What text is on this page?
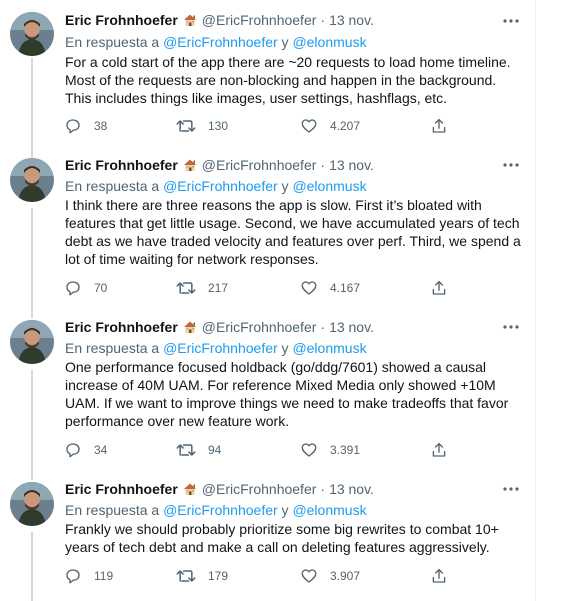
Eric Frohnhoefer @EricFrohnhoefer · 13 nov.
En respuesta a @EricFrohnhoefer y @elonmusk
For a cold start of the app there are ~20 requests to load home timeline. Most of the requests are non-blocking and happen in the background. This includes things like images, user settings, hashflags, etc.
38	130	4.207
Eric Frohnhoefer @EricFrohnhoefer · 13 nov.
En respuesta a @EricFrohnhoefer y @elonmusk
I think there are three reasons the app is slow. First it’s bloated with features that get little usage. Second, we have accumulated years of tech debt as we have traded velocity and features over perf. Third, we spend a lot of time waiting for network responses.
70	217	4.167
Eric Frohnhoefer @EricFrohnhoefer · 13 nov.
En respuesta a @EricFrohnhoefer y @elonmusk
One performance focused holdback (go/ddg/7601) showed a causal increase of 40M UAM. For reference Mixed Media only showed +10M UAM. If we want to improve things we need to make tradeoffs that favor performance over new feature work.
34	94	3.391
Eric Frohnhoefer @EricFrohnhoefer · 13 nov.
En respuesta a @EricFrohnhoefer y @elonmusk
Frankly we should probably prioritize some big rewrites to combat 10+ years of tech debt and make a call on deleting features aggressively.
119	179	3.907
